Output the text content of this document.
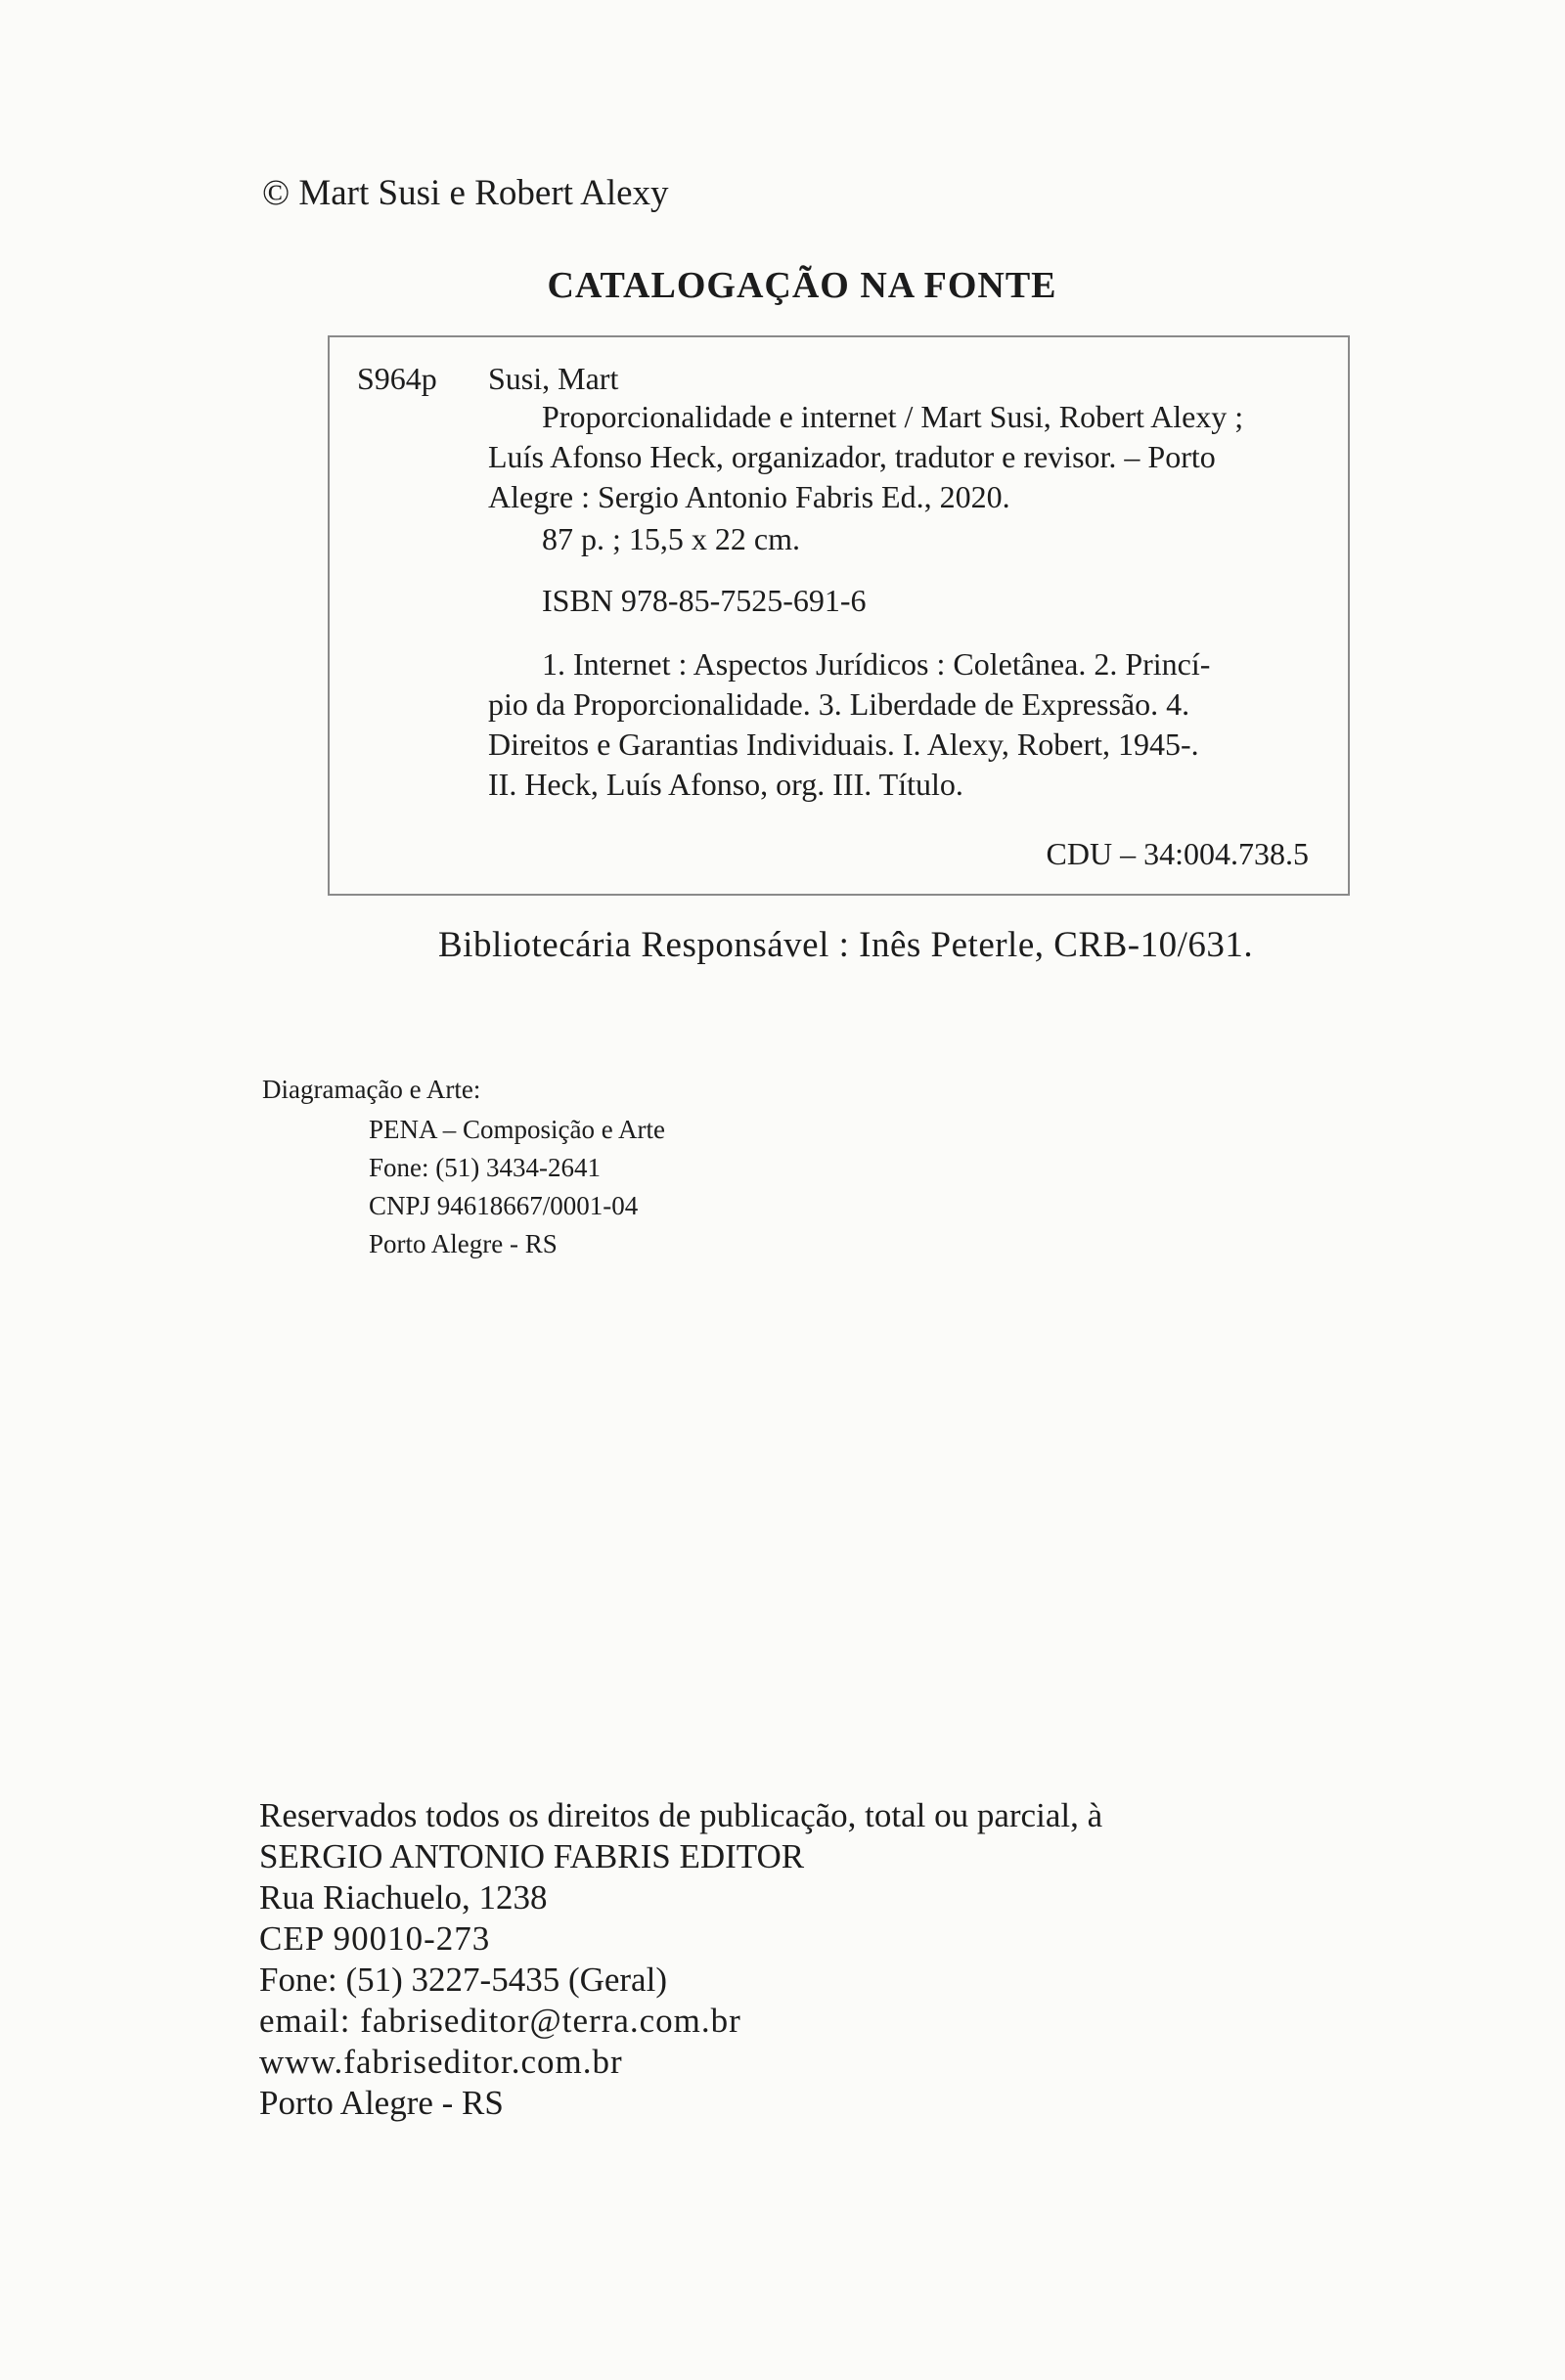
© Mart Susi e Robert Alexy
CATALOGAÇÃO NA FONTE
S964p Susi, Mart
Proporcionalidade e internet / Mart Susi, Robert Alexy ;
Luís Afonso Heck, organizador, tradutor e revisor. – Porto
Alegre : Sergio Antonio Fabris Ed., 2020.
87 p. ; 15,5 x 22 cm.
ISBN 978-85-7525-691-6
1. Internet : Aspectos Jurídicos : Coletânea. 2. Princí-
pio da Proporcionalidade. 3. Liberdade de Expressão. 4.
Direitos e Garantias Individuais. I. Alexy, Robert, 1945-.
II. Heck, Luís Afonso, org. III. Título.
CDU – 34:004.738.5
Bibliotecária Responsável : Inês Peterle, CRB-10/631.
Diagramação e Arte:
PENA – Composição e Arte
Fone: (51) 3434-2641
CNPJ 94618667/0001-04
Porto Alegre - RS
Reservados todos os direitos de publicação, total ou parcial, à
SERGIO ANTONIO FABRIS EDITOR
Rua Riachuelo, 1238
CEP 90010-273
Fone: (51) 3227-5435 (Geral)
email: fabriseditor@terra.com.br
www.fabriseditor.com.br
Porto Alegre - RS
